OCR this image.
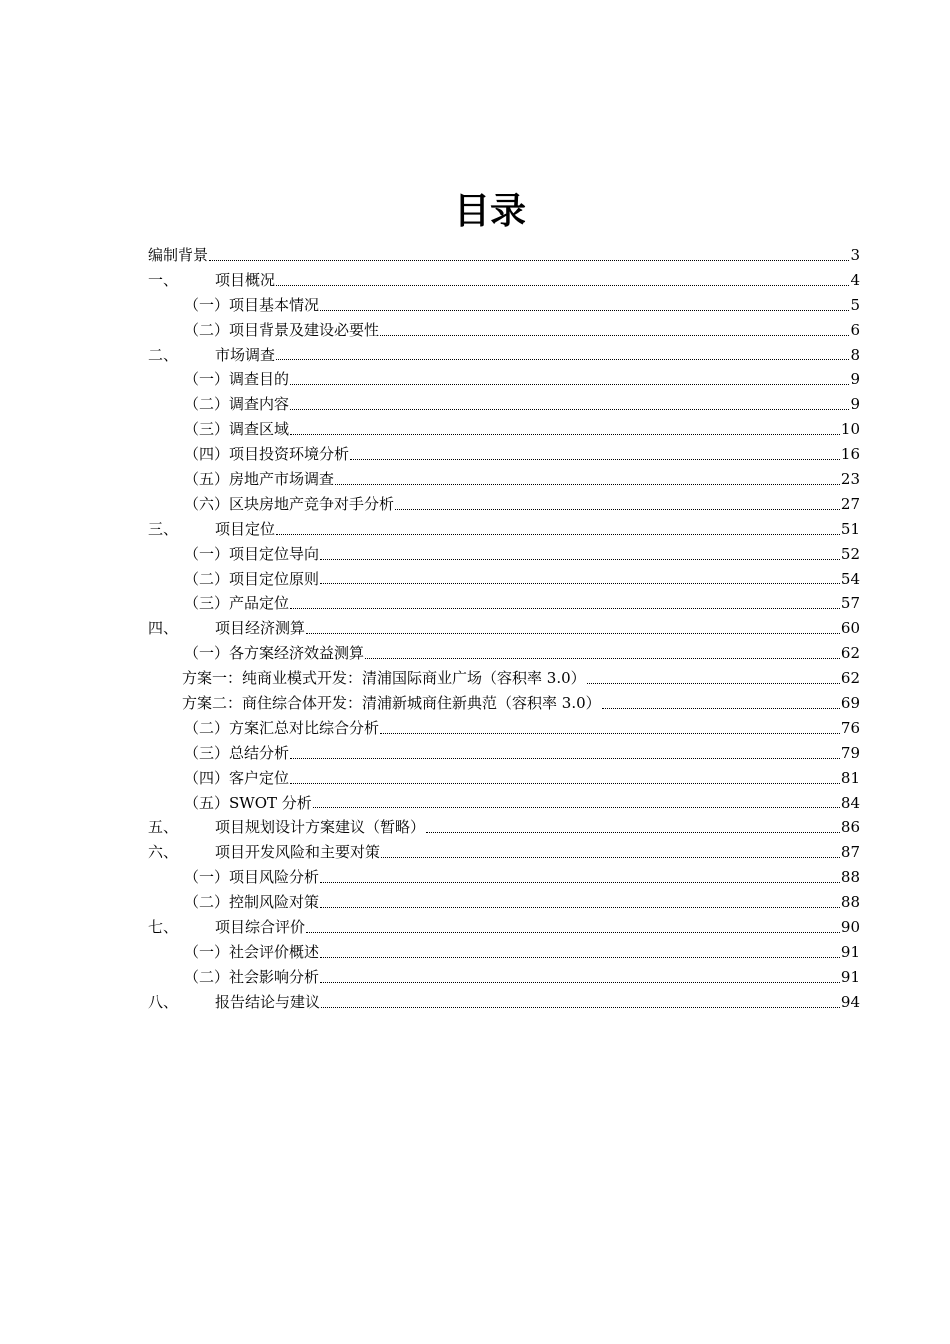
目录
编制背景	3
一、	项目概况	4
（一）项目基本情况	5
（二）项目背景及建设必要性	6
二、	市场调查	8
（一）调查目的	9
（二）调查内容	9
（三）调查区域	10
（四）项目投资环境分析	16
（五）房地产市场调查	23
（六）区块房地产竞争对手分析	27
三、	项目定位	51
（一）项目定位导向	52
（二）项目定位原则	54
（三）产品定位	57
四、	项目经济测算	60
（一）各方案经济效益测算	62
方案一：纯商业模式开发：清浦国际商业广场（容积率 3.0）	62
方案二：商住综合体开发：清浦新城商住新典范（容积率 3.0）	69
（二）方案汇总对比综合分析	76
（三）总结分析	79
（四）客户定位	81
（五）SWOT 分析	84
五、	项目规划设计方案建议（暂略）	86
六、	项目开发风险和主要对策	87
（一）项目风险分析	88
（二）控制风险对策	88
七、	项目综合评价	90
（一）社会评价概述	91
（二）社会影响分析	91
八、	报告结论与建议	94
